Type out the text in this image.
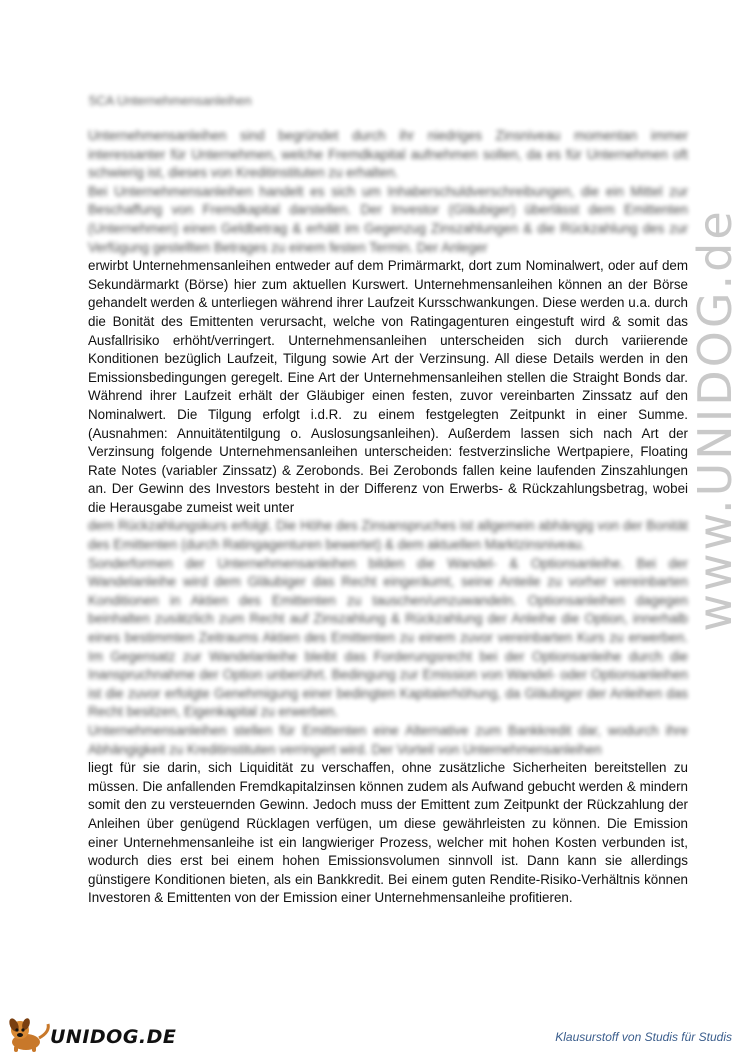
5CA Unternehmensanleihen

Unternehmensanleihen sind begründet durch ihr niedriges Zinsniveau momentan immer interessanter für Unternehmen, welche Fremdkapital aufnehmen sollen, da es für Unternehmen oft schwierig ist, dieses von Kreditinstituten zu erhalten.

Bei Unternehmensanleihen handelt es sich um Inhaberschuldverschreibungen, die ein Mittel zur Beschaffung von Fremdkapital darstellen. Der Investor (Gläubiger) überlässt dem Emittenten (Unternehmen) einen Geldbetrag & erhält im Gegenzug Zinszahlungen & die Rückzahlung des zur Verfügung gestellten Betrages zu einem festen Termin. Der Anleger

erwirbt Unternehmensanleihen entweder auf dem Primärmarkt, dort zum Nominalwert, oder auf dem Sekundärmarkt (Börse) hier zum aktuellen Kurswert. Unternehmensanleihen können an der Börse gehandelt werden & unterliegen während ihrer Laufzeit Kursschwankungen. Diese werden u.a. durch die Bonität des Emittenten verursacht, welche von Ratingagenturen eingestuft wird & somit das Ausfallrisiko erhöht/verringert. Unternehmensanleihen unterscheiden sich durch variierende Konditionen bezüglich Laufzeit, Tilgung sowie Art der Verzinsung. All diese Details werden in den Emissionsbedingungen geregelt. Eine Art der Unternehmensanleihen stellen die Straight Bonds dar. Während ihrer Laufzeit erhält der Gläubiger einen festen, zuvor vereinbarten Zinssatz auf den Nominalwert. Die Tilgung erfolgt i.d.R. zu einem festgelegten Zeitpunkt in einer Summe. (Ausnahmen: Annuitätentilgung o. Auslosungsanleihen). Außerdem lassen sich nach Art der Verzinsung folgende Unternehmensanleihen unterscheiden: festverzinsliche Wertpapiere, Floating Rate Notes (variabler Zinssatz) & Zerobonds. Bei Zerobonds fallen keine laufenden Zinszahlungen an. Der Gewinn des Investors besteht in der Differenz von Erwerbs- & Rückzahlungsbetrag, wobei die Herausgabe zumeist weit unter

dem Rückzahlungskurs erfolgt. Die Höhe des Zinsanspruches ist allgemein abhängig von der Bonität des Emittenten (durch Ratingagenturen bewertet) & dem aktuellen Marktzinsniveau.

Sonderformen der Unternehmensanleihen bilden die Wandel- & Optionsanleihe. Bei der Wandelanleihe wird dem Gläubiger das Recht eingeräumt, seine Anteile zu vorher vereinbarten Konditionen in Aktien des Emittenten zu tauschen/umzuwandeln. Optionsanleihen dagegen beinhalten zusätzlich zum Recht auf Zinszahlung & Rückzahlung der Anleihe die Option, innerhalb eines bestimmten Zeitraums Aktien des Emittenten zu einem zuvor vereinbarten Kurs zu erwerben. Im Gegensatz zur Wandelanleihe bleibt das Forderungsrecht bei der Optionsanleihe durch die Inanspruchnahme der Option unberührt. Bedingung zur Emission von Wandel- oder Optionsanleihen ist die zuvor erfolgte Genehmigung einer bedingten Kapitalerhöhung, da Gläubiger der Anleihen das Recht besitzen, Eigenkapital zu erwerben.

Unternehmensanleihen stellen für Emittenten eine Alternative zum Bankkredit dar, wodurch ihre Abhängigkeit zu Kreditinstituten verringert wird. Der Vorteil von Unternehmensanleihen

liegt für sie darin, sich Liquidität zu verschaffen, ohne zusätzliche Sicherheiten bereitstellen zu müssen. Die anfallenden Fremdkapitalzinsen können zudem als Aufwand gebucht werden & mindern somit den zu versteuernden Gewinn. Jedoch muss der Emittent zum Zeitpunkt der Rückzahlung der Anleihen über genügend Rücklagen verfügen, um diese gewährleisten zu können. Die Emission einer Unternehmensanleihe ist ein langwieriger Prozess, welcher mit hohen Kosten verbunden ist, wodurch dies erst bei einem hohen Emissionsvolumen sinnvoll ist. Dann kann sie allerdings günstigere Konditionen bieten, als ein Bankkredit. Bei einem guten Rendite-Risiko-Verhältnis können Investoren & Emittenten von der Emission einer Unternehmensanleihe profitieren.

www.UNIDOG.de
UNIDOG.DE	Klausurstoff von Studis für Studis
